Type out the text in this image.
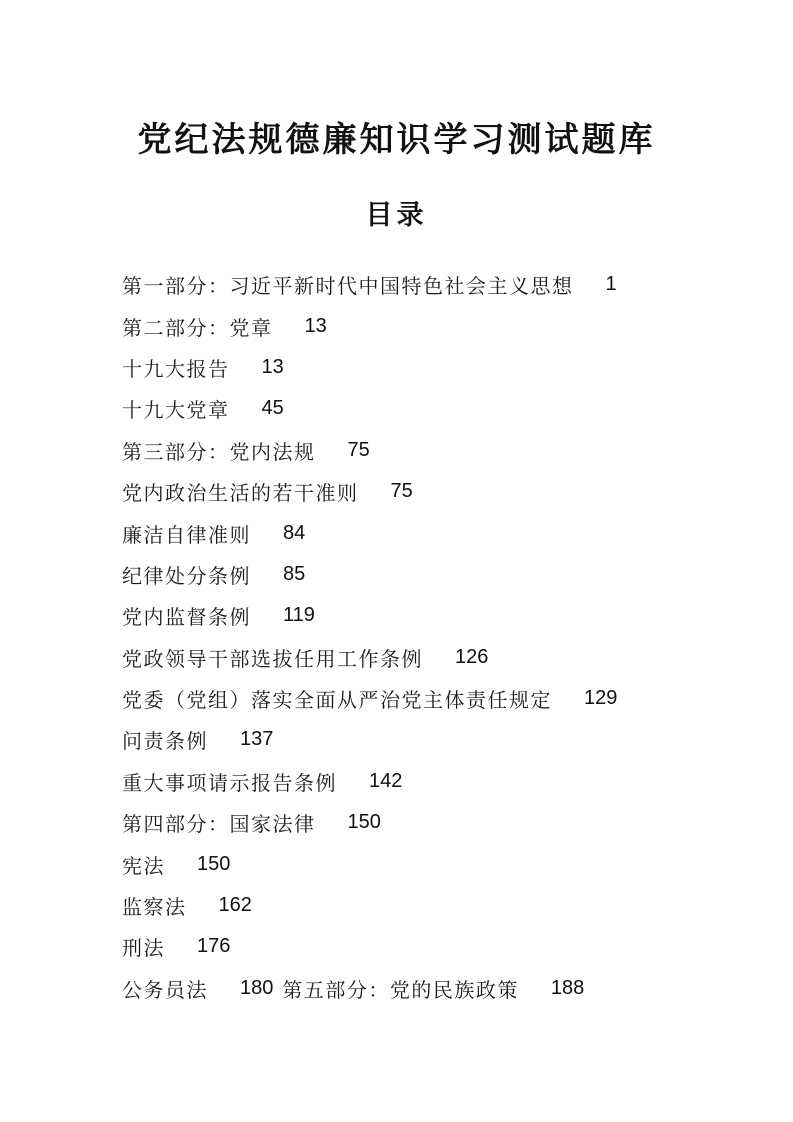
党纪法规德廉知识学习测试题库
目录
第一部分：习近平新时代中国特色社会主义思想 1
第二部分：党章 13
十九大报告 13
十九大党章 45
第三部分：党内法规 75
党内政治生活的若干准则 75
廉洁自律准则 84
纪律处分条例 85
党内监督条例 119
党政领导干部选拔任用工作条例 126
党委（党组）落实全面从严治党主体责任规定 129
问责条例 137
重大事项请示报告条例 142
第四部分：国家法律 150
宪法 150
监察法 162
刑法 176
公务员法 180 第五部分：党的民族政策 188
